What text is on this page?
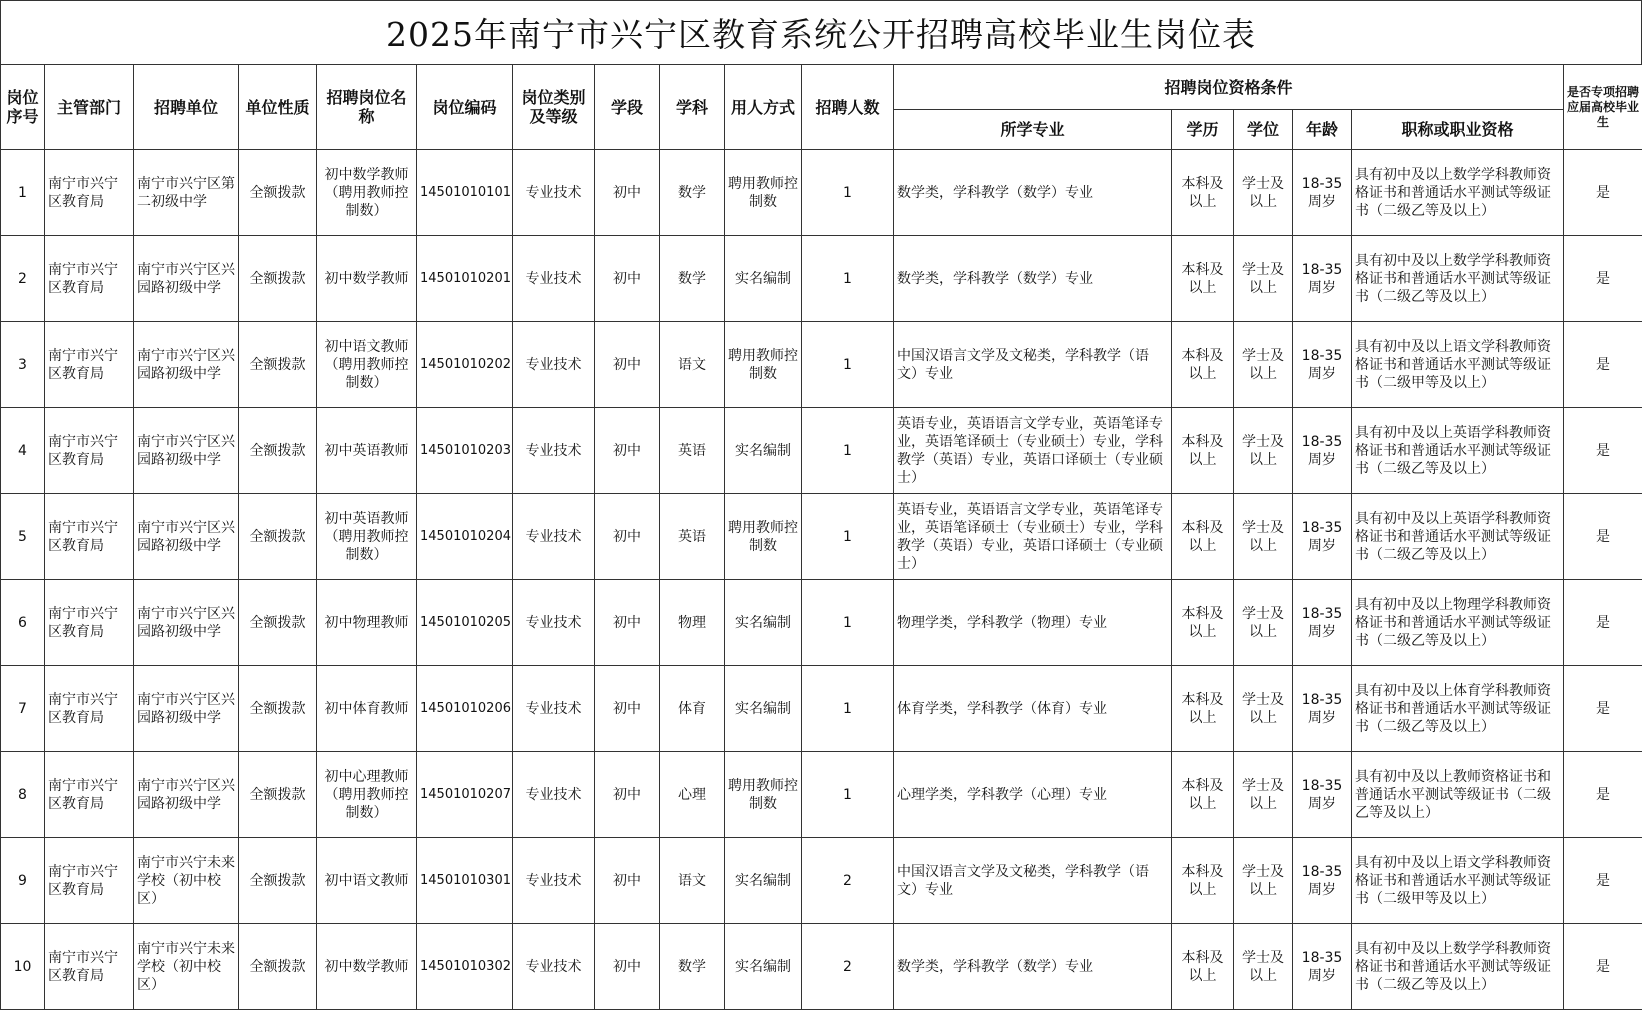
2025年南宁市兴宁区教育系统公开招聘高校毕业生岗位表
岗位序号	主管部门	招聘单位	单位性质	招聘岗位名称	岗位编码	岗位类别及等级	学段	学科	用人方式	招聘人数	招聘岗位资格条件					是否专项招聘应届高校毕业生
											所学专业	学历	学位	年龄	职称或职业资格	
1	南宁市兴宁区教育局	南宁市兴宁区第二初级中学	全额拨款	初中数学教师（聘用教师控制数）	14501010101	专业技术	初中	数学	聘用教师控制数	1	数学类，学科教学（数学）专业	本科及以上	学士及以上	18-35周岁	具有初中及以上数学学科教师资格证书和普通话水平测试等级证书（二级乙等及以上）	是
2	南宁市兴宁区教育局	南宁市兴宁区兴园路初级中学	全额拨款	初中数学教师	14501010201	专业技术	初中	数学	实名编制	1	数学类，学科教学（数学）专业	本科及以上	学士及以上	18-35周岁	具有初中及以上数学学科教师资格证书和普通话水平测试等级证书（二级乙等及以上）	是
3	南宁市兴宁区教育局	南宁市兴宁区兴园路初级中学	全额拨款	初中语文教师（聘用教师控制数）	14501010202	专业技术	初中	语文	聘用教师控制数	1	中国汉语言文学及文秘类，学科教学（语文）专业	本科及以上	学士及以上	18-35周岁	具有初中及以上语文学科教师资格证书和普通话水平测试等级证书（二级甲等及以上）	是
4	南宁市兴宁区教育局	南宁市兴宁区兴园路初级中学	全额拨款	初中英语教师	14501010203	专业技术	初中	英语	实名编制	1	英语专业，英语语言文学专业，英语笔译专业，英语笔译硕士（专业硕士）专业，学科教学（英语）专业，英语口译硕士（专业硕士）	本科及以上	学士及以上	18-35周岁	具有初中及以上英语学科教师资格证书和普通话水平测试等级证书（二级乙等及以上）	是
5	南宁市兴宁区教育局	南宁市兴宁区兴园路初级中学	全额拨款	初中英语教师（聘用教师控制数）	14501010204	专业技术	初中	英语	聘用教师控制数	1	英语专业，英语语言文学专业，英语笔译专业，英语笔译硕士（专业硕士）专业，学科教学（英语）专业，英语口译硕士（专业硕士）	本科及以上	学士及以上	18-35周岁	具有初中及以上英语学科教师资格证书和普通话水平测试等级证书（二级乙等及以上）	是
6	南宁市兴宁区教育局	南宁市兴宁区兴园路初级中学	全额拨款	初中物理教师	14501010205	专业技术	初中	物理	实名编制	1	物理学类，学科教学（物理）专业	本科及以上	学士及以上	18-35周岁	具有初中及以上物理学科教师资格证书和普通话水平测试等级证书（二级乙等及以上）	是
7	南宁市兴宁区教育局	南宁市兴宁区兴园路初级中学	全额拨款	初中体育教师	14501010206	专业技术	初中	体育	实名编制	1	体育学类，学科教学（体育）专业	本科及以上	学士及以上	18-35周岁	具有初中及以上体育学科教师资格证书和普通话水平测试等级证书（二级乙等及以上）	是
8	南宁市兴宁区教育局	南宁市兴宁区兴园路初级中学	全额拨款	初中心理教师（聘用教师控制数）	14501010207	专业技术	初中	心理	聘用教师控制数	1	心理学类，学科教学（心理）专业	本科及以上	学士及以上	18-35周岁	具有初中及以上教师资格证书和普通话水平测试等级证书（二级乙等及以上）	是
9	南宁市兴宁区教育局	南宁市兴宁未来学校（初中校区）	全额拨款	初中语文教师	14501010301	专业技术	初中	语文	实名编制	2	中国汉语言文学及文秘类，学科教学（语文）专业	本科及以上	学士及以上	18-35周岁	具有初中及以上语文学科教师资格证书和普通话水平测试等级证书（二级甲等及以上）	是
10	南宁市兴宁区教育局	南宁市兴宁未来学校（初中校区）	全额拨款	初中数学教师	14501010302	专业技术	初中	数学	实名编制	2	数学类，学科教学（数学）专业	本科及以上	学士及以上	18-35周岁	具有初中及以上数学学科教师资格证书和普通话水平测试等级证书（二级乙等及以上）	是
